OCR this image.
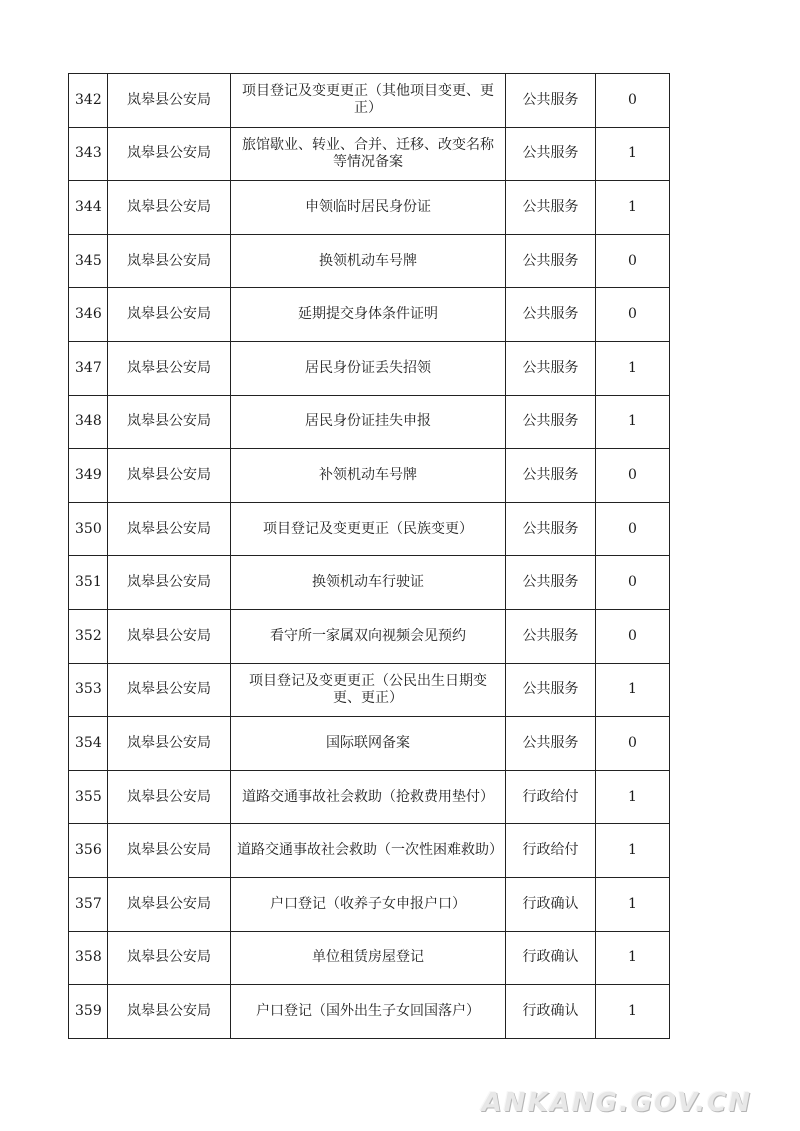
342	岚皋县公安局	项目登记及变更更正（其他项目变更、更正）	公共服务	0
343	岚皋县公安局	旅馆歇业、转业、合并、迁移、改变名称等情况备案	公共服务	1
344	岚皋县公安局	申领临时居民身份证	公共服务	1
345	岚皋县公安局	换领机动车号牌	公共服务	0
346	岚皋县公安局	延期提交身体条件证明	公共服务	0
347	岚皋县公安局	居民身份证丢失招领	公共服务	1
348	岚皋县公安局	居民身份证挂失申报	公共服务	1
349	岚皋县公安局	补领机动车号牌	公共服务	0
350	岚皋县公安局	项目登记及变更更正（民族变更）	公共服务	0
351	岚皋县公安局	换领机动车行驶证	公共服务	0
352	岚皋县公安局	看守所一家属双向视频会见预约	公共服务	0
353	岚皋县公安局	项目登记及变更更正（公民出生日期变更、更正）	公共服务	1
354	岚皋县公安局	国际联网备案	公共服务	0
355	岚皋县公安局	道路交通事故社会救助（抢救费用垫付）	行政给付	1
356	岚皋县公安局	道路交通事故社会救助（一次性困难救助）	行政给付	1
357	岚皋县公安局	户口登记（收养子女申报户口）	行政确认	1
358	岚皋县公安局	单位租赁房屋登记	行政确认	1
359	岚皋县公安局	户口登记（国外出生子女回国落户）	行政确认	1
ANKANG.GOV.CN
